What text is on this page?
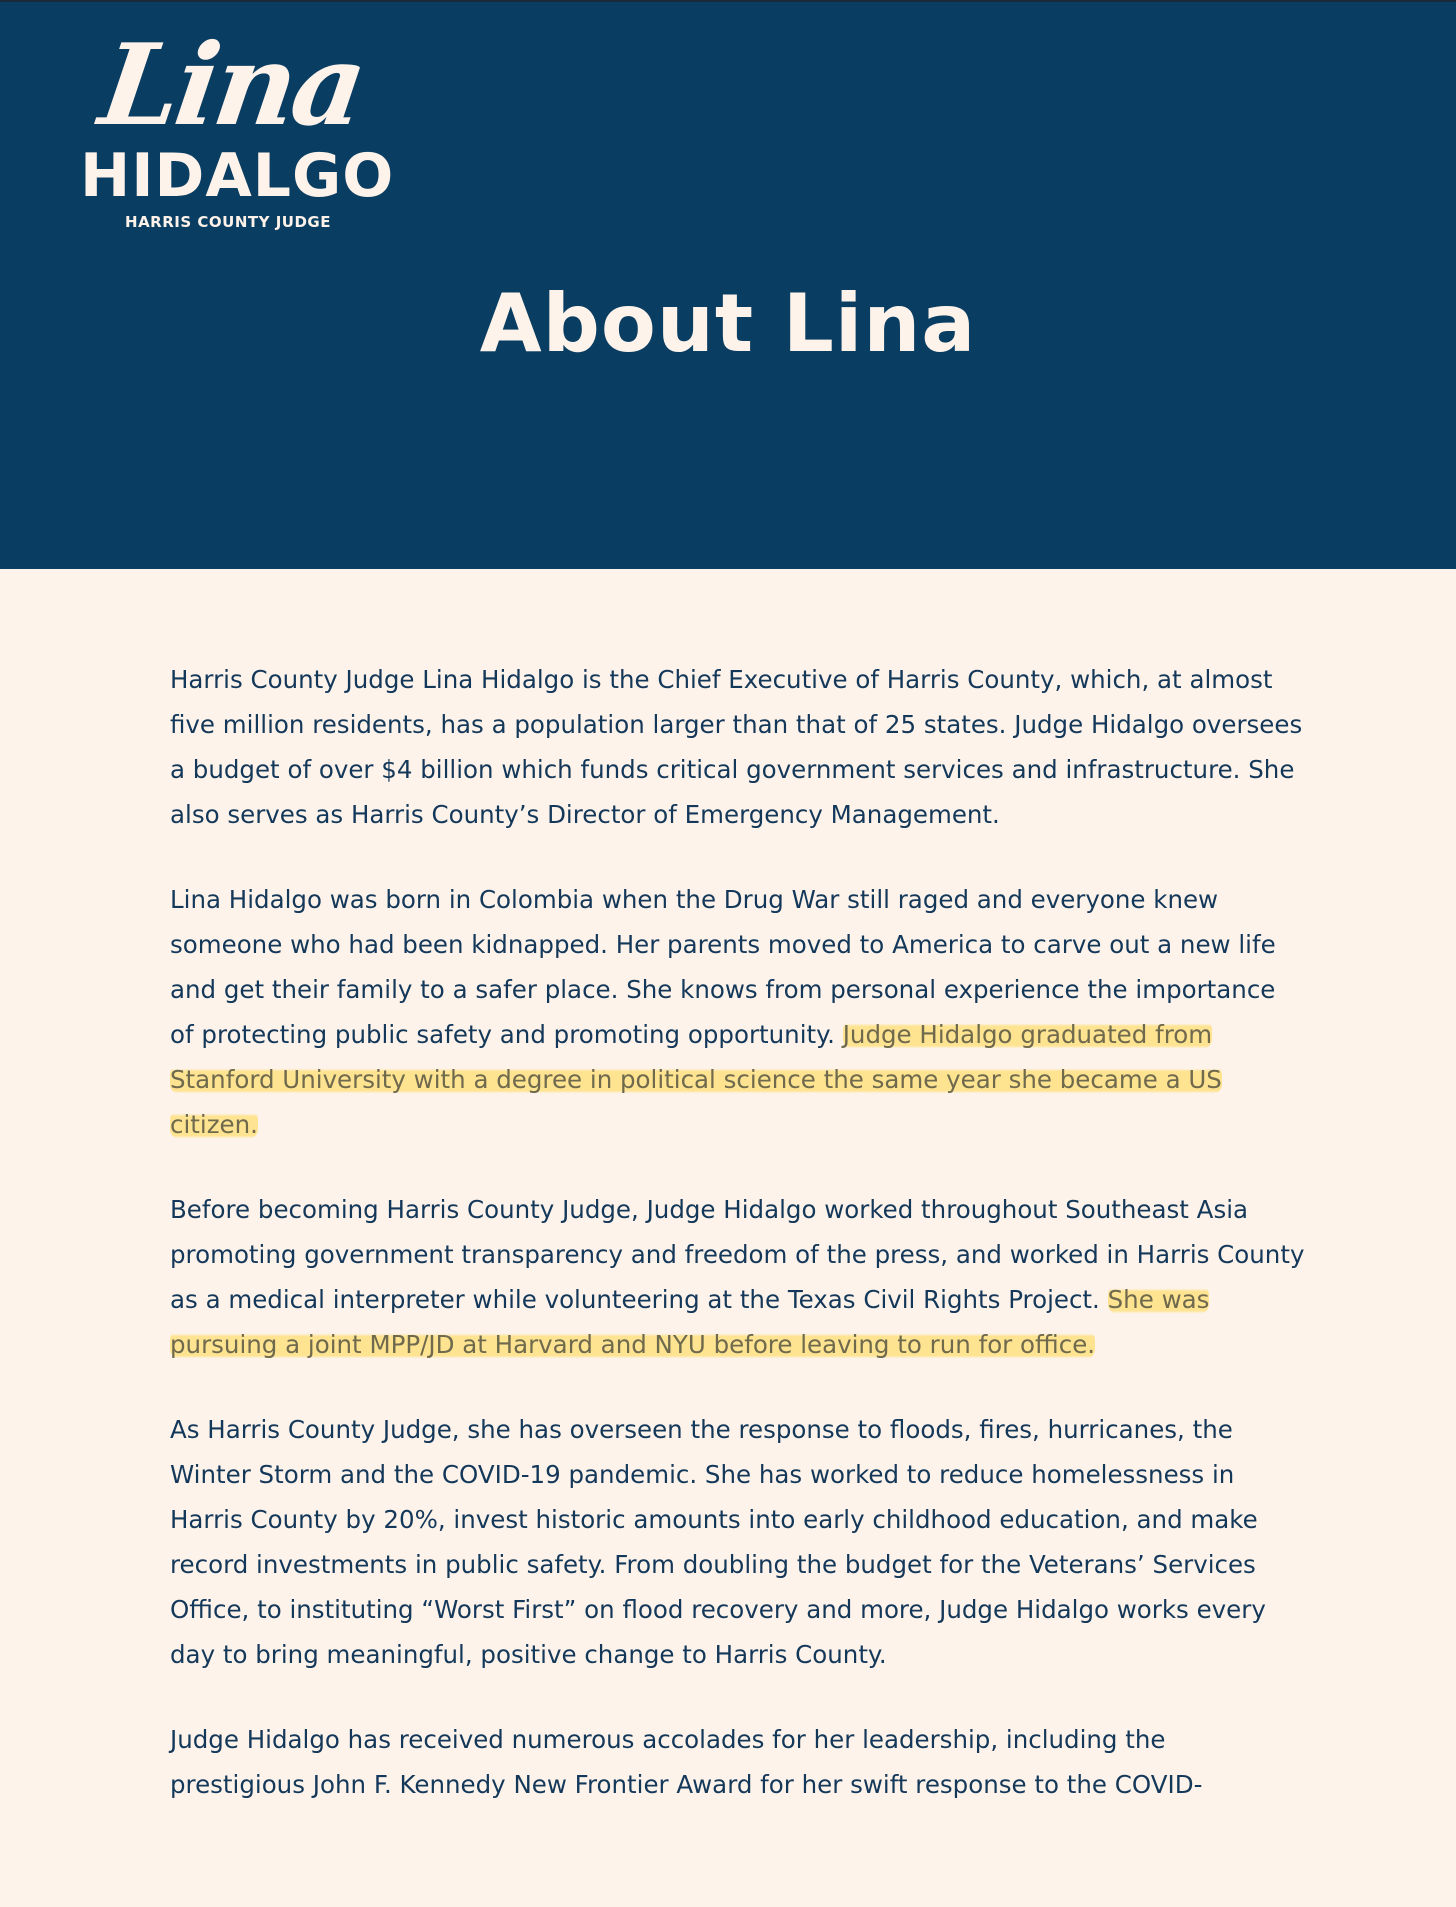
Lina
HIDALGO
HARRIS COUNTY JUDGE
About Lina

Harris County Judge Lina Hidalgo is the Chief Executive of Harris County, which, at almost five million residents, has a population larger than that of 25 states. Judge Hidalgo oversees a budget of over $4 billion which funds critical government services and infrastructure. She also serves as Harris County’s Director of Emergency Management.

Lina Hidalgo was born in Colombia when the Drug War still raged and everyone knew someone who had been kidnapped. Her parents moved to America to carve out a new life and get their family to a safer place. She knows from personal experience the importance of protecting public safety and promoting opportunity. Judge Hidalgo graduated from Stanford University with a degree in political science the same year she became a US citizen.

Before becoming Harris County Judge, Judge Hidalgo worked throughout Southeast Asia promoting government transparency and freedom of the press, and worked in Harris County as a medical interpreter while volunteering at the Texas Civil Rights Project. She was pursuing a joint MPP/JD at Harvard and NYU before leaving to run for office.

As Harris County Judge, she has overseen the response to floods, fires, hurricanes, the Winter Storm and the COVID-19 pandemic. She has worked to reduce homelessness in Harris County by 20%, invest historic amounts into early childhood education, and make record investments in public safety. From doubling the budget for the Veterans’ Services Office, to instituting “Worst First” on flood recovery and more, Judge Hidalgo works every day to bring meaningful, positive change to Harris County.

Judge Hidalgo has received numerous accolades for her leadership, including the prestigious John F. Kennedy New Frontier Award for her swift response to the COVID-
